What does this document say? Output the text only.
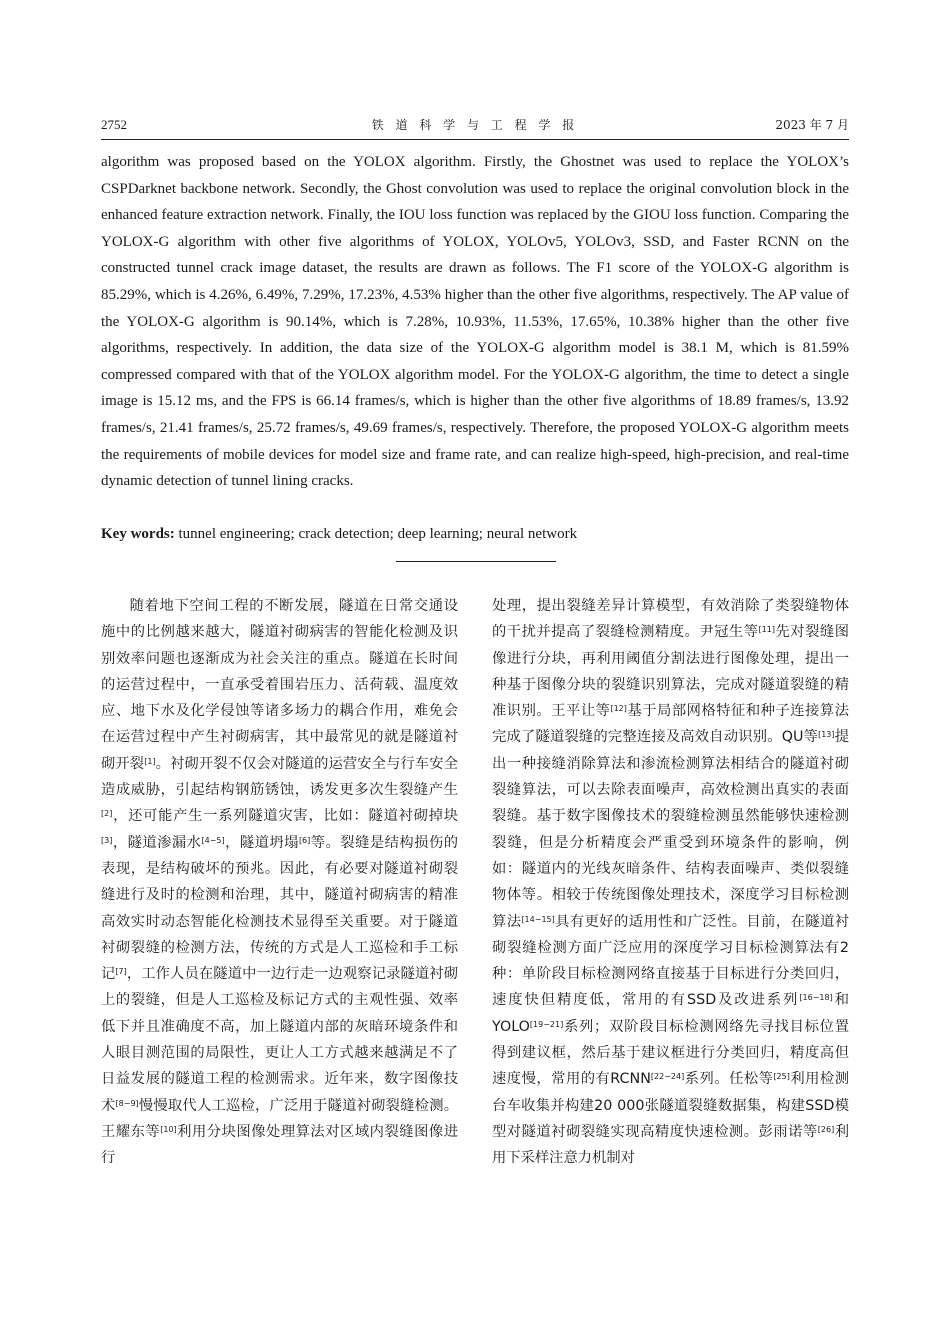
2752	铁 道 科 学 与 工 程 学 报	2023 年 7 月

algorithm was proposed based on the YOLOX algorithm. Firstly, the Ghostnet was used to replace the YOLOX’s CSPDarknet backbone network. Secondly, the Ghost convolution was used to replace the original convolution block in the enhanced feature extraction network. Finally, the IOU loss function was replaced by the GIOU loss function. Comparing the YOLOX-G algorithm with other five algorithms of YOLOX, YOLOv5, YOLOv3, SSD, and Faster RCNN on the constructed tunnel crack image dataset, the results are drawn as follows. The F1 score of the YOLOX-G algorithm is 85.29%, which is 4.26%, 6.49%, 7.29%, 17.23%, 4.53% higher than the other five algorithms, respectively. The AP value of the YOLOX-G algorithm is 90.14%, which is 7.28%, 10.93%, 11.53%, 17.65%, 10.38% higher than the other five algorithms, respectively. In addition, the data size of the YOLOX-G algorithm model is 38.1 M, which is 81.59% compressed compared with that of the YOLOX algorithm model. For the YOLOX-G algorithm, the time to detect a single image is 15.12 ms, and the FPS is 66.14 frames/s, which is higher than the other five algorithms of 18.89 frames/s, 13.92 frames/s, 21.41 frames/s, 25.72 frames/s, 49.69 frames/s, respectively. Therefore, the proposed YOLOX-G algorithm meets the requirements of mobile devices for model size and frame rate, and can realize high-speed, high-precision, and real-time dynamic detection of tunnel lining cracks.

Key words: tunnel engineering; crack detection; deep learning; neural network

随着地下空间工程的不断发展，隧道在日常交通设施中的比例越来越大，隧道衬砌病害的智能化检测及识别效率问题也逐渐成为社会关注的重点。隧道在长时间的运营过程中，一直承受着围岩压力、活荷载、温度效应、地下水及化学侵蚀等诸多场力的耦合作用，难免会在运营过程中产生衬砌病害，其中最常见的就是隧道衬砌开裂[1]。衬砌开裂不仅会对隧道的运营安全与行车安全造成威胁，引起结构钢筋锈蚀，诱发更多次生裂缝产生[2]，还可能产生一系列隧道灾害，比如：隧道衬砌掉块[3]，隧道渗漏水[4−5]，隧道坍塌[6]等。裂缝是结构损伤的表现，是结构破坏的预兆。因此，有必要对隧道衬砌裂缝进行及时的检测和治理，其中，隧道衬砌病害的精准高效实时动态智能化检测技术显得至关重要。对于隧道衬砌裂缝的检测方法，传统的方式是人工巡检和手工标记[7]，工作人员在隧道中一边行走一边观察记录隧道衬砌上的裂缝，但是人工巡检及标记方式的主观性强、效率低下并且准确度不高，加上隧道内部的灰暗环境条件和人眼目测范围的局限性，更让人工方式越来越满足不了日益发展的隧道工程的检测需求。近年来，数字图像技术[8−9]慢慢取代人工巡检，广泛用于隧道衬砌裂缝检测。王耀东等[10]利用分块图像处理算法对区域内裂缝图像进行

处理，提出裂缝差异计算模型，有效消除了类裂缝物体的干扰并提高了裂缝检测精度。尹冠生等[11]先对裂缝图像进行分块，再利用阈值分割法进行图像处理，提出一种基于图像分块的裂缝识别算法，完成对隧道裂缝的精准识别。王平让等[12]基于局部网格特征和种子连接算法完成了隧道裂缝的完整连接及高效自动识别。QU等[13]提出一种接缝消除算法和渗流检测算法相结合的隧道衬砌裂缝算法，可以去除表面噪声，高效检测出真实的表面裂缝。基于数字图像技术的裂缝检测虽然能够快速检测裂缝，但是分析精度会严重受到环境条件的影响，例如：隧道内的光线灰暗条件、结构表面噪声、类似裂缝物体等。相较于传统图像处理技术，深度学习目标检测算法[14−15]具有更好的适用性和广泛性。目前，在隧道衬砌裂缝检测方面广泛应用的深度学习目标检测算法有2种：单阶段目标检测网络直接基于目标进行分类回归，速度快但精度低，常用的有SSD及改进系列[16−18]和YOLO[19−21]系列；双阶段目标检测网络先寻找目标位置得到建议框，然后基于建议框进行分类回归，精度高但速度慢，常用的有RCNN[22−24]系列。任松等[25]利用检测台车收集并构建20 000张隧道裂缝数据集，构建SSD模型对隧道衬砌裂缝实现高精度快速检测。彭雨诺等[26]利用下采样注意力机制对
